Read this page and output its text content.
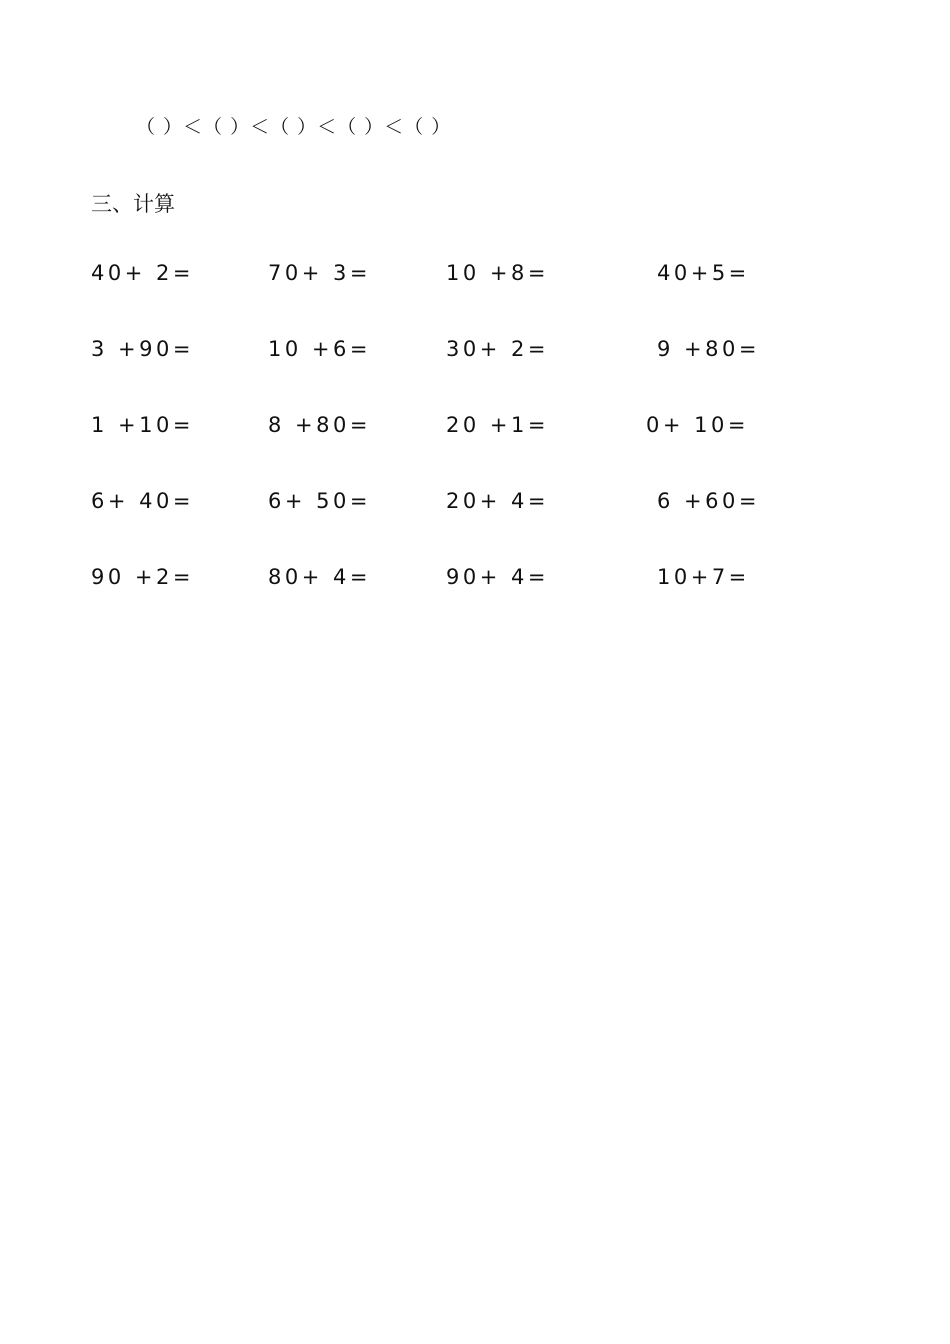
（ ）＜（ ）＜（ ）＜（ ）＜（ ）
三、计算
40+ 2=	70+ 3=	10 +8=	40+5=
3 +90=	10 +6=	30+ 2=	9 +80=
1 +10=	8 +80=	20 +1=	0+ 10=
6+ 40=	6+ 50=	20+ 4=	6 +60=
90 +2=	80+ 4=	90+ 4=	10+7=
